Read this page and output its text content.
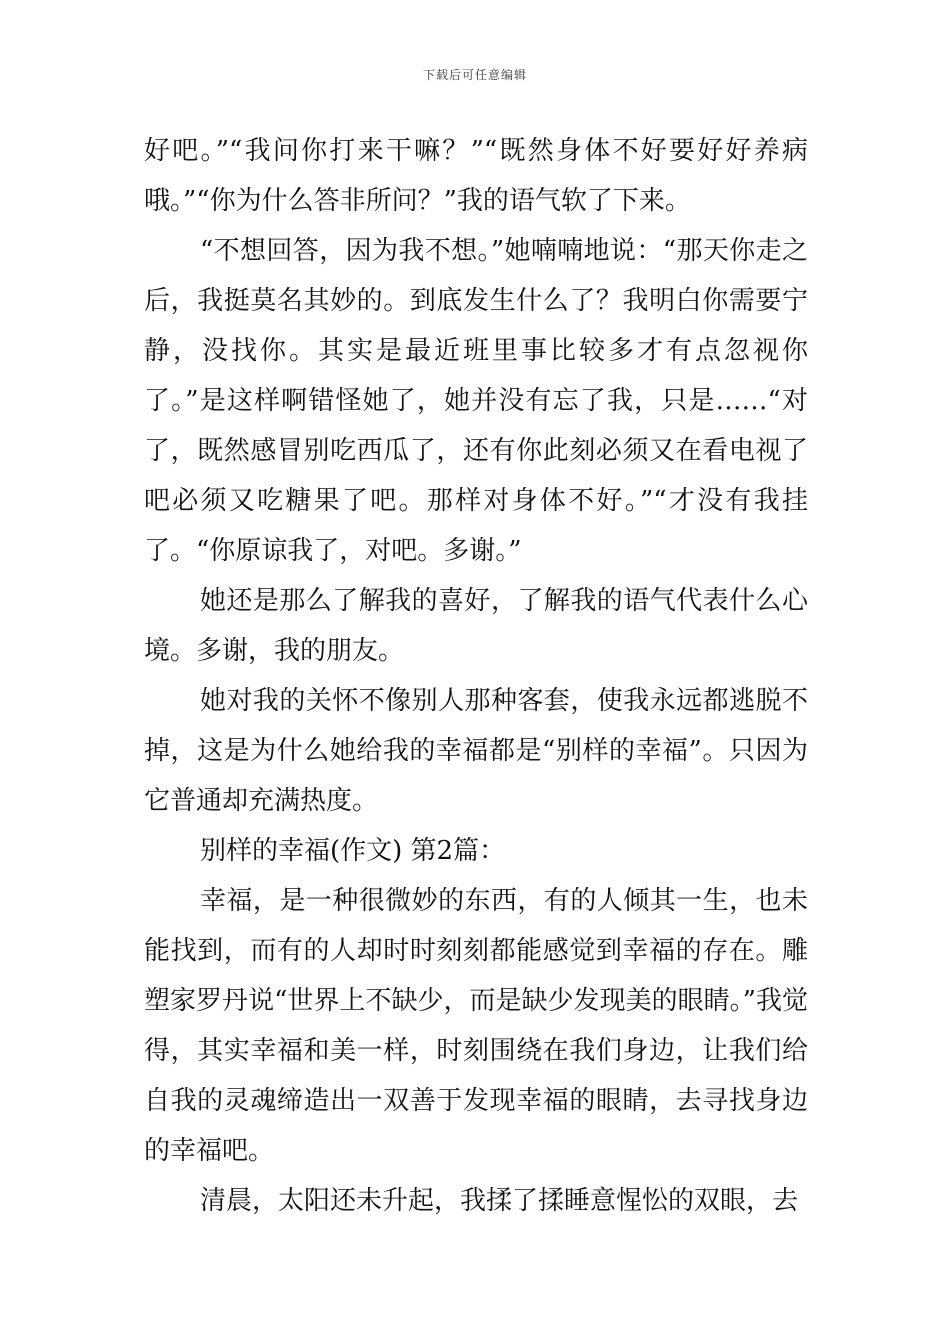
下载后可任意编辑

好吧。”“我问你打来干嘛？”“既然身体不好要好好养病哦。”“你为什么答非所问？”我的语气软了下来。

“不想回答，因为我不想。”她喃喃地说：“那天你走之后，我挺莫名其妙的。到底发生什么了？我明白你需要宁静，没找你。其实是最近班里事比较多才有点忽视你了。”是这样啊错怪她了，她并没有忘了我，只是……“对了，既然感冒别吃西瓜了，还有你此刻必须又在看电视了吧必须又吃糖果了吧。那样对身体不好。”“才没有我挂了。“你原谅我了，对吧。多谢。”

她还是那么了解我的喜好，了解我的语气代表什么心境。多谢，我的朋友。

她对我的关怀不像别人那种客套，使我永远都逃脱不掉，这是为什么她给我的幸福都是“别样的幸福”。只因为它普通却充满热度。

别样的幸福(作文) 第2篇：

幸福，是一种很微妙的东西，有的人倾其一生，也未能找到，而有的人却时时刻刻都能感觉到幸福的存在。雕塑家罗丹说“世界上不缺少，而是缺少发现美的眼睛。”我觉得，其实幸福和美一样，时刻围绕在我们身边，让我们给自我的灵魂缔造出一双善于发现幸福的眼睛，去寻找身边的幸福吧。

清晨，太阳还未升起，我揉了揉睡意惺忪的双眼，去
